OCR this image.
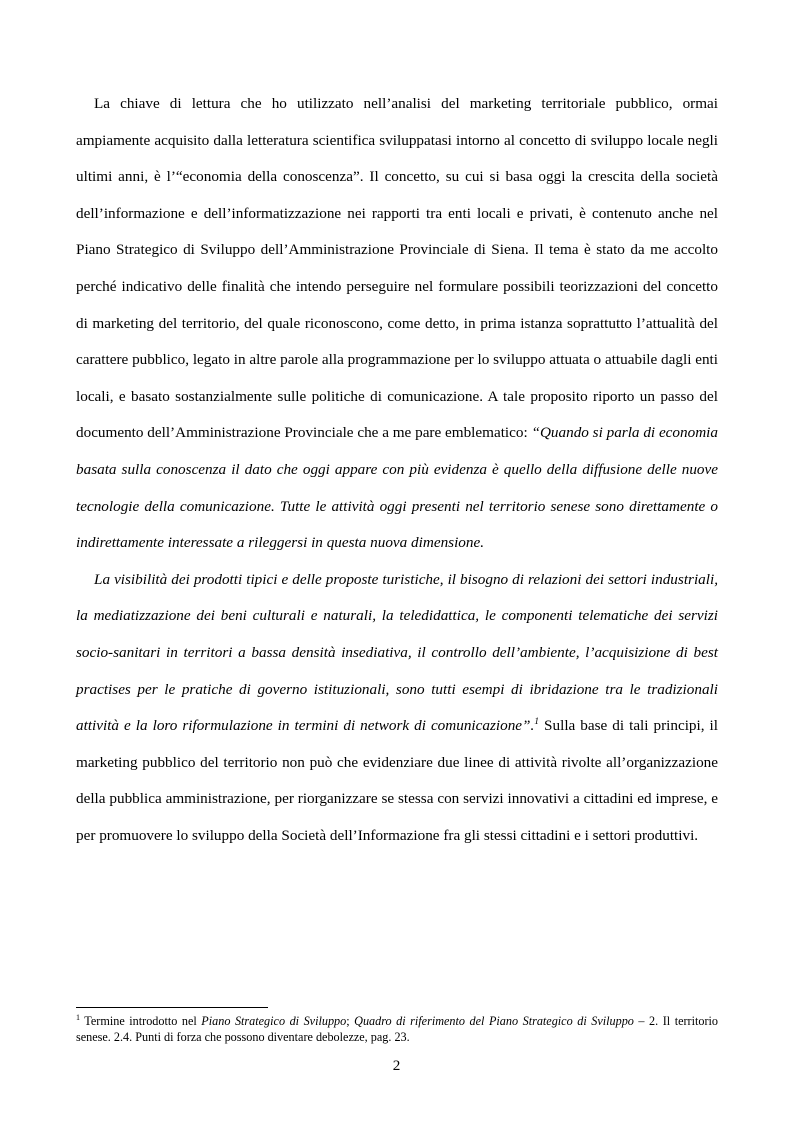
La chiave di lettura che ho utilizzato nell’analisi del marketing territoriale pubblico, ormai ampiamente acquisito dalla letteratura scientifica sviluppatasi intorno al concetto di sviluppo locale negli ultimi anni, è l’“economia della conoscenza”. Il concetto, su cui si basa oggi la crescita della società dell’informazione e dell’informatizzazione nei rapporti tra enti locali e privati, è contenuto anche nel Piano Strategico di Sviluppo dell’Amministrazione Provinciale di Siena. Il tema è stato da me accolto perché indicativo delle finalità che intendo perseguire nel formulare possibili teorizzazioni del concetto di marketing del territorio, del quale riconoscono, come detto, in prima istanza soprattutto l’attualità del carattere pubblico, legato in altre parole alla programmazione per lo sviluppo attuata o attuabile dagli enti locali, e basato sostanzialmente sulle politiche di comunicazione. A tale proposito riporto un passo del documento dell’Amministrazione Provinciale che a me pare emblematico: “Quando si parla di economia basata sulla conoscenza il dato che oggi appare con più evidenza è quello della diffusione delle nuove tecnologie della comunicazione. Tutte le attività oggi presenti nel territorio senese sono direttamente o indirettamente interessate a rileggersi in questa nuova dimensione.

La visibilità dei prodotti tipici e delle proposte turistiche, il bisogno di relazioni dei settori industriali, la mediatizzazione dei beni culturali e naturali, la teledidattica, le componenti telematiche dei servizi socio-sanitari in territori a bassa densità insediativa, il controllo dell’ambiente, l’acquisizione di best practises per le pratiche di governo istituzionali, sono tutti esempi di ibridazione tra le tradizionali attività e la loro riformulazione in termini di network di comunicazione”.$^1$ Sulla base di tali principi, il marketing pubblico del territorio non può che evidenziare due linee di attività rivolte all’organizzazione della pubblica amministrazione, per riorganizzare se stessa con servizi innovativi a cittadini ed imprese, e per promuovere lo sviluppo della Società dell’Informazione fra gli stessi cittadini e i settori produttivi.

$^1$ Termine introdotto nel Piano Strategico di Sviluppo; Quadro di riferimento del Piano Strategico di Sviluppo – 2. Il territorio senese. 2.4. Punti di forza che possono diventare debolezze, pag. 23.
2
